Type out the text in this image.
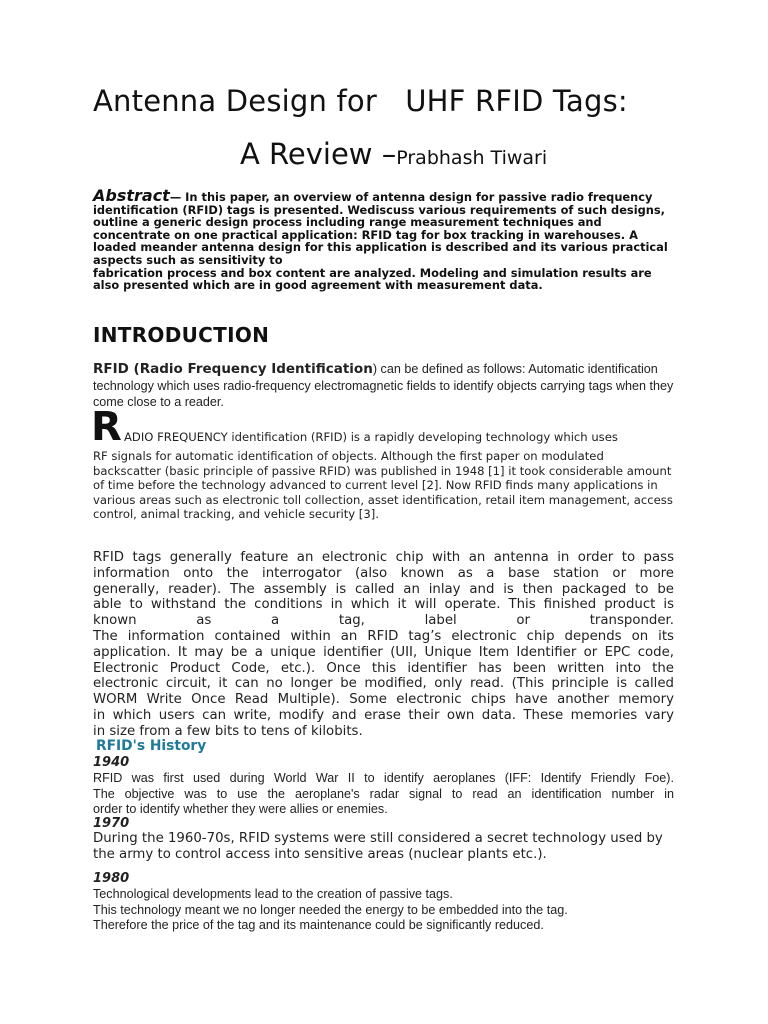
Antenna Design for   UHF RFID Tags:
A Review –Prabhash Tiwari
Abstract— In this paper, an overview of antenna design for passive radio frequency identification (RFID) tags is presented. Wediscuss various requirements of such designs, outline a generic design process including range measurement techniques and concentrate on one practical application: RFID tag for box tracking in warehouses. A loaded meander antenna design for this application is described and its various practical aspects such as sensitivity to
fabrication process and box content are analyzed. Modeling and simulation results are also presented which are in good agreement with measurement data.
INTRODUCTION
RFID (Radio Frequency Identification) can be defined as follows: Automatic identification technology which uses radio-frequency electromagnetic fields to identify objects carrying tags when they come close to a reader.
R ADIO FREQUENCY identification (RFID) is a rapidly developing technology which uses
RF signals for automatic identification of objects. Although the first paper on modulated backscatter (basic principle of passive RFID) was published in 1948 [1] it took considerable amount of time before the technology advanced to current level [2]. Now RFID finds many applications in various areas such as electronic toll collection, asset identification, retail item management, access control, animal tracking, and vehicle security [3].
RFID tags generally feature an electronic chip with an antenna in order to pass
information onto the interrogator (also known as a base station or more
generally, reader). The assembly is called an inlay and is then packaged to be
able to withstand the conditions in which it will operate. This finished product is
known as a tag, label or transponder.
The information contained within an RFID tag’s electronic chip depends on its
application. It may be a unique identifier (UII, Unique Item Identifier or EPC code,
Electronic Product Code, etc.). Once this identifier has been written into the
electronic circuit, it can no longer be modified, only read. (This principle is called
WORM Write Once Read Multiple). Some electronic chips have another memory
in which users can write, modify and erase their own data. These memories vary
in size from a few bits to tens of kilobits.
RFID's History
1940
RFID was first used during World War II to identify aeroplanes (IFF: Identify Friendly Foe).
The objective was to use the aeroplane's radar signal to read an identification number in
order to identify whether they were allies or enemies.
1970
During the 1960-70s, RFID systems were still considered a secret technology used by the army to control access into sensitive areas (nuclear plants etc.).
1980
Technological developments lead to the creation of passive tags.
This technology meant we no longer needed the energy to be embedded into the tag.
Therefore the price of the tag and its maintenance could be significantly reduced.
